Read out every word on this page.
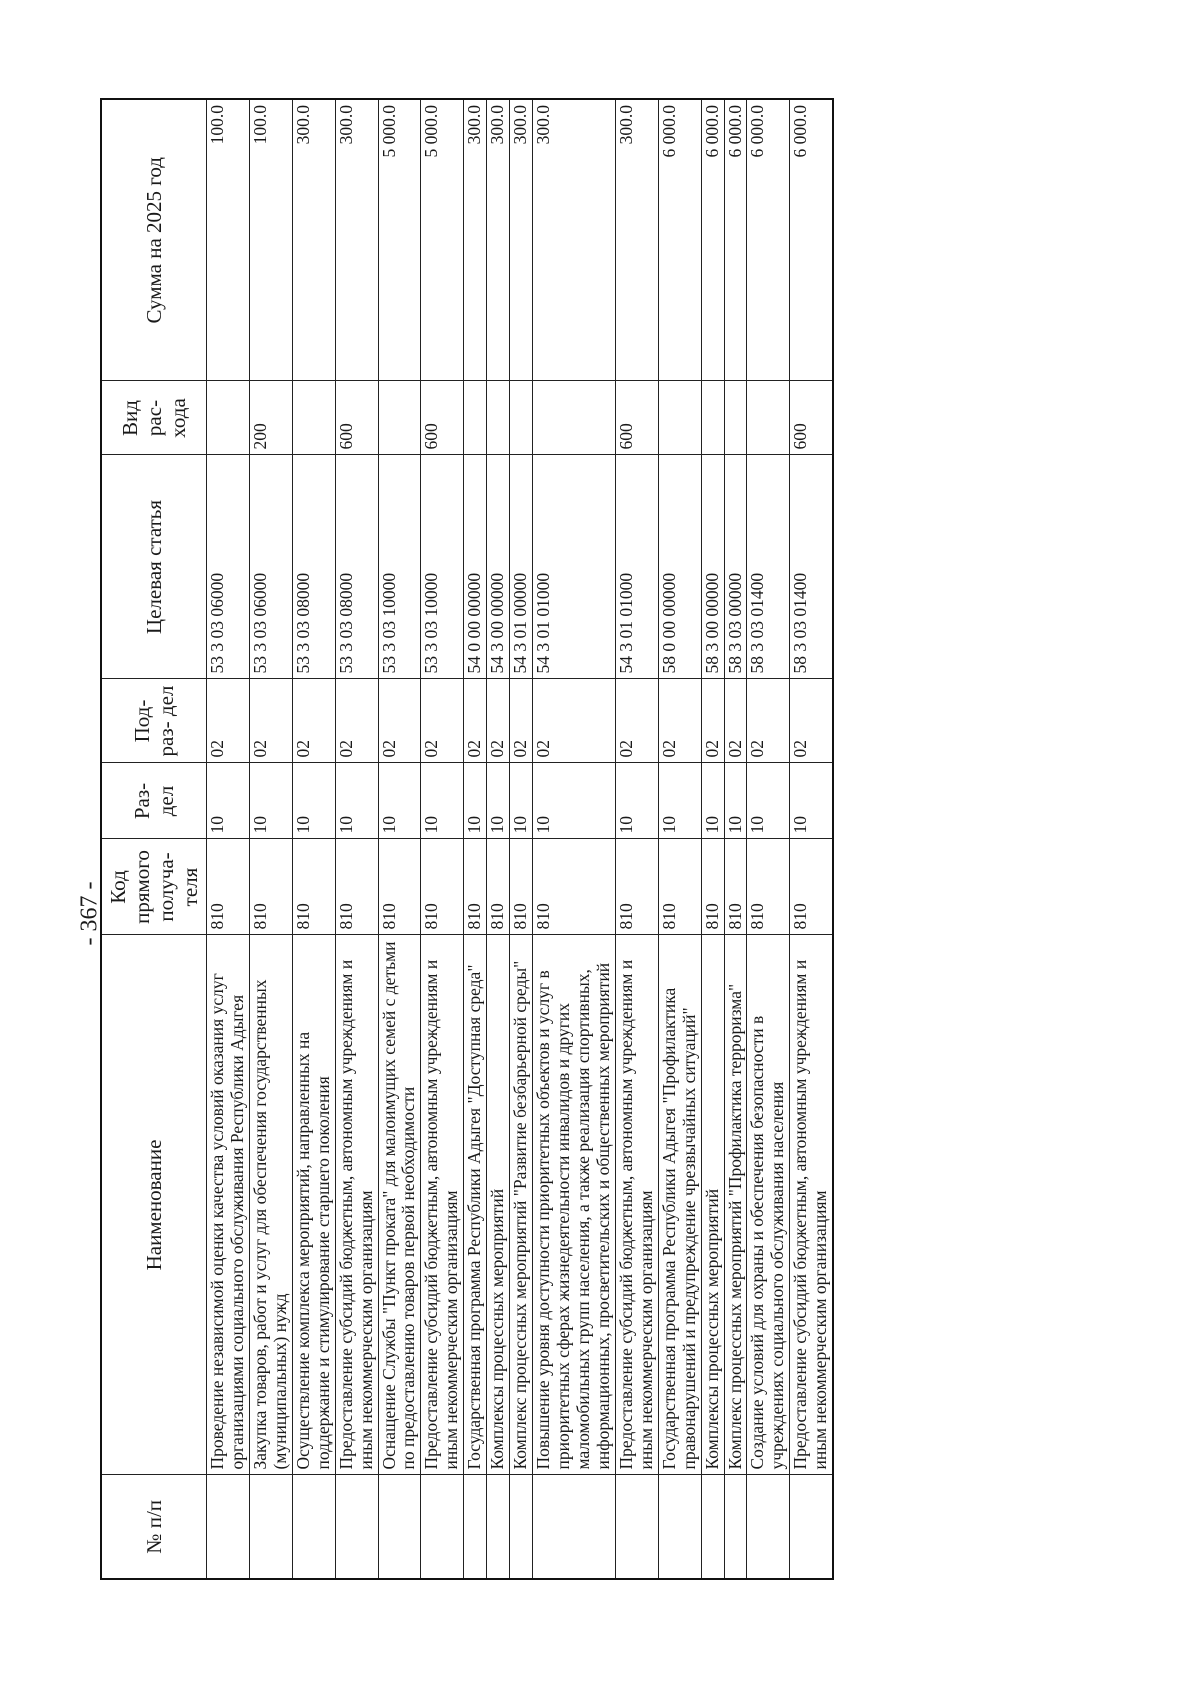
- 367 -
№ п/п	Наименование	Код прямого получа- теля	Раз- дел	Под- раз- дел	Целевая статья	Вид рас- хода	Сумма на 2025 год
	Проведение независимой оценки качества условий оказания услуг организациями социального обслуживания Республики Адыгея	810	10	02	53 3 03 06000		100.0
	Закупка товаров, работ и услуг для обеспечения государственных (муниципальных) нужд	810	10	02	53 3 03 06000	200	100.0
	Осуществление комплекса мероприятий, направленных на поддержание и стимулирование старшего поколения	810	10	02	53 3 03 08000		300.0
	Предоставление субсидий бюджетным, автономным учреждениям и иным некоммерческим организациям	810	10	02	53 3 03 08000	600	300.0
	Оснащение Службы "Пункт проката" для малоимущих семей с детьми по предоставлению товаров первой необходимости	810	10	02	53 3 03 10000		5 000.0
	Предоставление субсидий бюджетным, автономным учреждениям и иным некоммерческим организациям	810	10	02	53 3 03 10000	600	5 000.0
	Государственная программа Республики Адыгея "Доступная среда"	810	10	02	54 0 00 00000		300.0
	Комплексы процессных мероприятий	810	10	02	54 3 00 00000		300.0
	Комплекс процессных мероприятий "Развитие безбарьерной среды"	810	10	02	54 3 01 00000		300.0
	Повышение уровня доступности приоритетных объектов и услуг в приоритетных сферах жизнедеятельности инвалидов и других маломобильных групп населения, а также реализация спортивных, информационных, просветительских и общественных мероприятий	810	10	02	54 3 01 01000		300.0
	Предоставление субсидий бюджетным, автономным учреждениям и иным некоммерческим организациям	810	10	02	54 3 01 01000	600	300.0
	Государственная программа Республики Адыгея "Профилактика правонарушений и предупреждение чрезвычайных ситуаций"	810	10	02	58 0 00 00000		6 000.0
	Комплексы процессных мероприятий	810	10	02	58 3 00 00000		6 000.0
	Комплекс процессных мероприятий "Профилактика терроризма"	810	10	02	58 3 03 00000		6 000.0
	Создание условий для охраны и обеспечения безопасности в учреждениях социального обслуживания населения	810	10	02	58 3 03 01400		6 000.0
	Предоставление субсидий бюджетным, автономным учреждениям и иным некоммерческим организациям	810	10	02	58 3 03 01400	600	6 000.0
